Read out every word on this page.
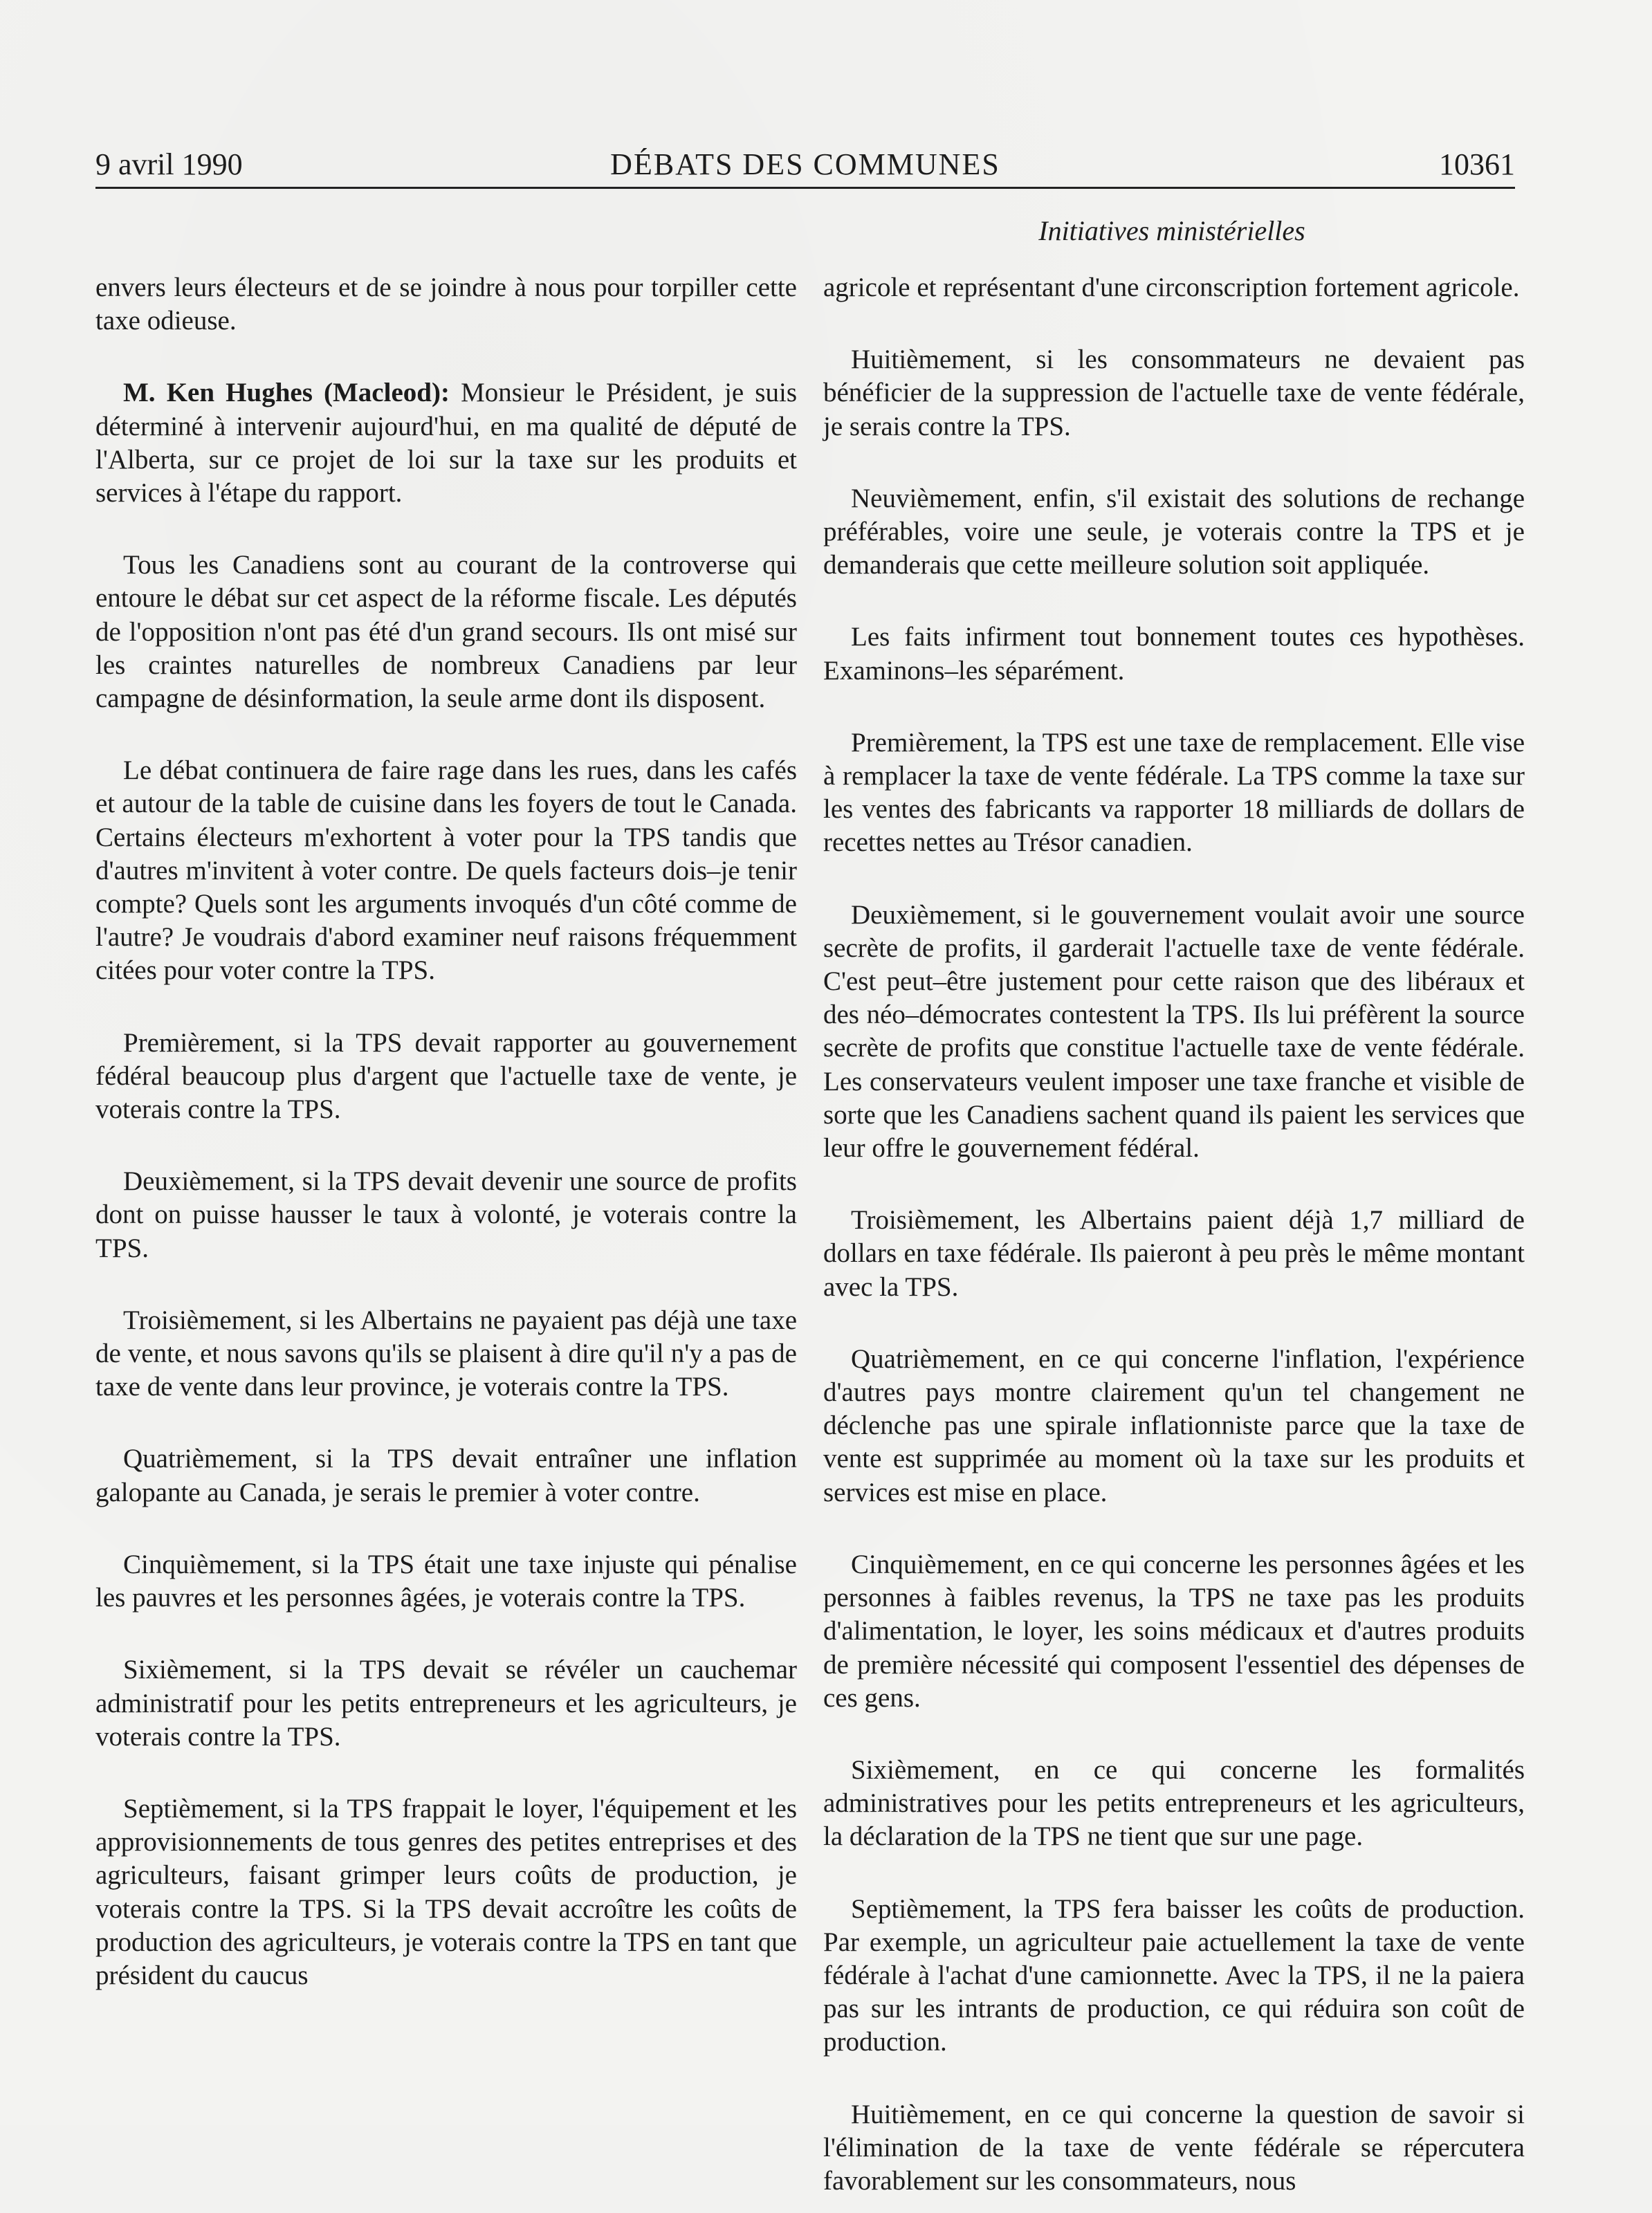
9 avril 1990	DÉBATS DES COMMUNES	10361
Initiatives ministérielles

envers leurs électeurs et de se joindre à nous pour torpiller cette taxe odieuse.

M. Ken Hughes (Macleod): Monsieur le Président, je suis déterminé à intervenir aujourd'hui, en ma qualité de député de l'Alberta, sur ce projet de loi sur la taxe sur les produits et services à l'étape du rapport.

Tous les Canadiens sont au courant de la controverse qui entoure le débat sur cet aspect de la réforme fiscale. Les députés de l'opposition n'ont pas été d'un grand secours. Ils ont misé sur les craintes naturelles de nombreux Canadiens par leur campagne de désinformation, la seule arme dont ils disposent.

Le débat continuera de faire rage dans les rues, dans les cafés et autour de la table de cuisine dans les foyers de tout le Canada. Certains électeurs m'exhortent à voter pour la TPS tandis que d'autres m'invitent à voter contre. De quels facteurs dois–je tenir compte? Quels sont les arguments invoqués d'un côté comme de l'autre? Je voudrais d'abord examiner neuf raisons fréquemment citées pour voter contre la TPS.

Premièrement, si la TPS devait rapporter au gouvernement fédéral beaucoup plus d'argent que l'actuelle taxe de vente, je voterais contre la TPS.

Deuxièmement, si la TPS devait devenir une source de profits dont on puisse hausser le taux à volonté, je voterais contre la TPS.

Troisièmement, si les Albertains ne payaient pas déjà une taxe de vente, et nous savons qu'ils se plaisent à dire qu'il n'y a pas de taxe de vente dans leur province, je voterais contre la TPS.

Quatrièmement, si la TPS devait entraîner une inflation galopante au Canada, je serais le premier à voter contre.

Cinquièmement, si la TPS était une taxe injuste qui pénalise les pauvres et les personnes âgées, je voterais contre la TPS.

Sixièmement, si la TPS devait se révéler un cauchemar administratif pour les petits entrepreneurs et les agriculteurs, je voterais contre la TPS.

Septièmement, si la TPS frappait le loyer, l'équipement et les approvisionnements de tous genres des petites entreprises et des agriculteurs, faisant grimper leurs coûts de production, je voterais contre la TPS. Si la TPS devait accroître les coûts de production des agriculteurs, je voterais contre la TPS en tant que président du caucus

agricole et représentant d'une circonscription fortement agricole.

Huitièmement, si les consommateurs ne devaient pas bénéficier de la suppression de l'actuelle taxe de vente fédérale, je serais contre la TPS.

Neuvièmement, enfin, s'il existait des solutions de rechange préférables, voire une seule, je voterais contre la TPS et je demanderais que cette meilleure solution soit appliquée.

Les faits infirment tout bonnement toutes ces hypothèses. Examinons–les séparément.

Premièrement, la TPS est une taxe de remplacement. Elle vise à remplacer la taxe de vente fédérale. La TPS comme la taxe sur les ventes des fabricants va rapporter 18 milliards de dollars de recettes nettes au Trésor canadien.

Deuxièmement, si le gouvernement voulait avoir une source secrète de profits, il garderait l'actuelle taxe de vente fédérale. C'est peut–être justement pour cette raison que des libéraux et des néo–démocrates contestent la TPS. Ils lui préfèrent la source secrète de profits que constitue l'actuelle taxe de vente fédérale. Les conservateurs veulent imposer une taxe franche et visible de sorte que les Canadiens sachent quand ils paient les services que leur offre le gouvernement fédéral.

Troisièmement, les Albertains paient déjà 1,7 milliard de dollars en taxe fédérale. Ils paieront à peu près le même montant avec la TPS.

Quatrièmement, en ce qui concerne l'inflation, l'expérience d'autres pays montre clairement qu'un tel changement ne déclenche pas une spirale inflationniste parce que la taxe de vente est supprimée au moment où la taxe sur les produits et services est mise en place.

Cinquièmement, en ce qui concerne les personnes âgées et les personnes à faibles revenus, la TPS ne taxe pas les produits d'alimentation, le loyer, les soins médicaux et d'autres produits de première nécessité qui composent l'essentiel des dépenses de ces gens.

Sixièmement, en ce qui concerne les formalités administratives pour les petits entrepreneurs et les agriculteurs, la déclaration de la TPS ne tient que sur une page.

Septièmement, la TPS fera baisser les coûts de production. Par exemple, un agriculteur paie actuellement la taxe de vente fédérale à l'achat d'une camionnette. Avec la TPS, il ne la paiera pas sur les intrants de production, ce qui réduira son coût de production.

Huitièmement, en ce qui concerne la question de savoir si l'élimination de la taxe de vente fédérale se répercutera favorablement sur les consommateurs, nous
